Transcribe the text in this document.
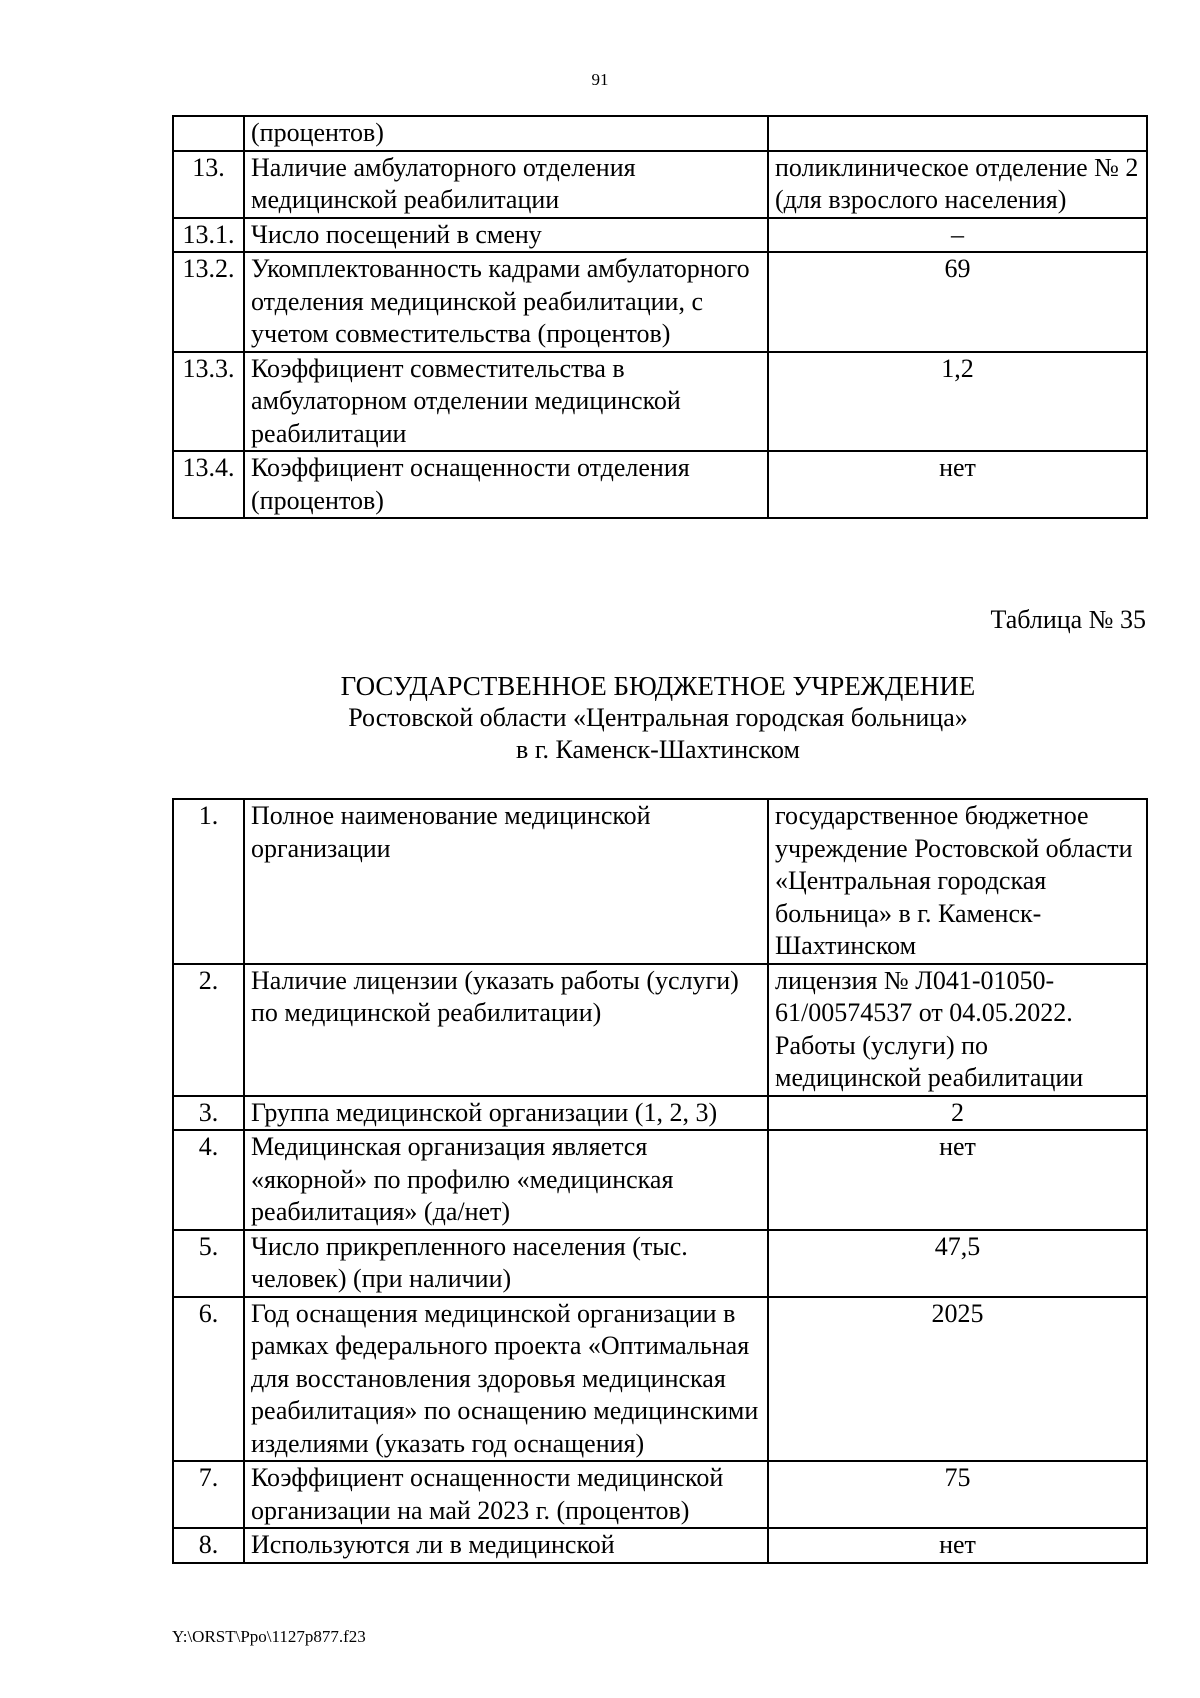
91
	(процентов)	
13.	Наличие амбулаторного отделения медицинской реабилитации	поликлиническое отделение № 2 (для взрослого населения)
13.1.	Число посещений в смену	–
13.2.	Укомплектованность кадрами амбулаторного отделения медицинской реабилитации, с учетом совместительства (процентов)	69
13.3.	Коэффициент совместительства в амбулаторном отделении медицинской реабилитации	1,2
13.4.	Коэффициент оснащенности отделения (процентов)	нет
Таблица № 35
ГОСУДАРСТВЕННОЕ БЮДЖЕТНОЕ УЧРЕЖДЕНИЕ
Ростовской области «Центральная городская больница»
в г. Каменск-Шахтинском
1.	Полное наименование медицинской организации	государственное бюджетное учреждение Ростовской области «Центральная городская больница» в г. Каменск-Шахтинском
2.	Наличие лицензии (указать работы (услуги) по медицинской реабилитации)	лицензия № Л041-01050-61/00574537 от 04.05.2022. Работы (услуги) по медицинской реабилитации
3.	Группа медицинской организации (1, 2, 3)	2
4.	Медицинская организация является «якорной» по профилю «медицинская реабилитация» (да/нет)	нет
5.	Число прикрепленного населения (тыс. человек) (при наличии)	47,5
6.	Год оснащения медицинской организации в рамках федерального проекта «Оптимальная для восстановления здоровья медицинская реабилитация» по оснащению медицинскими изделиями (указать год оснащения)	2025
7.	Коэффициент оснащенности медицинской организации на май 2023 г. (процентов)	75
8.	Используются ли в медицинской	нет
Y:\ORST\Ppo\1127p877.f23
